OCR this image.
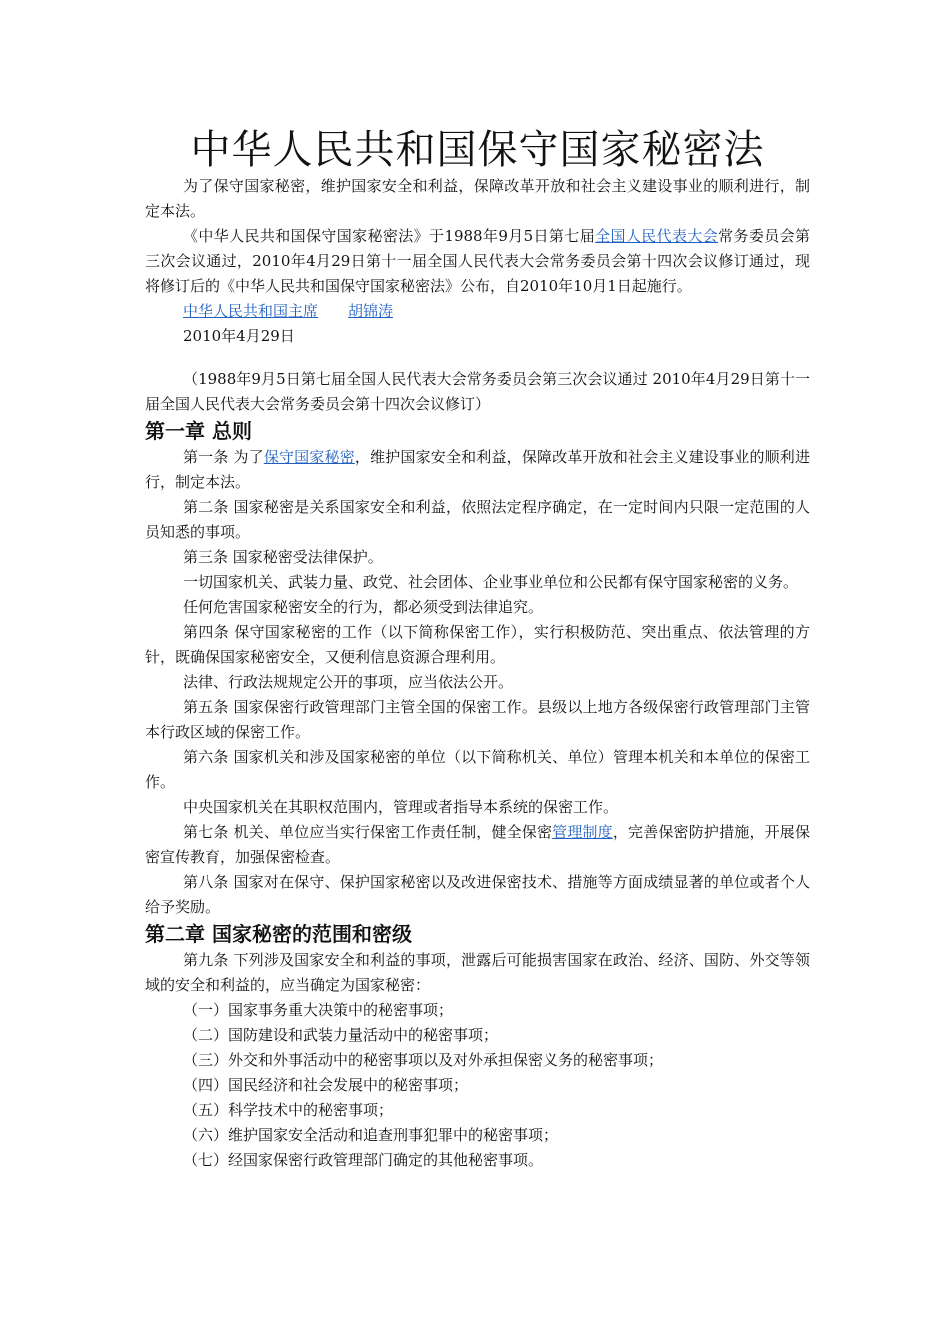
中华人民共和国保守国家秘密法

为了保守国家秘密，维护国家安全和利益，保障改革开放和社会主义建设事业的顺利进行，制定本法。

《中华人民共和国保守国家秘密法》于1988年9月5日第七届全国人民代表大会常务委员会第三次会议通过，2010年4月29日第十一届全国人民代表大会常务委员会第十四次会议修订通过，现将修订后的《中华人民共和国保守国家秘密法》公布，自2010年10月1日起施行。

中华人民共和国主席 胡锦涛

2010年4月29日

（1988年9月5日第七届全国人民代表大会常务委员会第三次会议通过 2010年4月29日第十一届全国人民代表大会常务委员会第十四次会议修订）

第一章 总则

第一条 为了保守国家秘密，维护国家安全和利益，保障改革开放和社会主义建设事业的顺利进行，制定本法。

第二条 国家秘密是关系国家安全和利益，依照法定程序确定，在一定时间内只限一定范围的人员知悉的事项。

第三条 国家秘密受法律保护。

一切国家机关、武装力量、政党、社会团体、企业事业单位和公民都有保守国家秘密的义务。

任何危害国家秘密安全的行为，都必须受到法律追究。

第四条 保守国家秘密的工作（以下简称保密工作），实行积极防范、突出重点、依法管理的方针，既确保国家秘密安全，又便利信息资源合理利用。

法律、行政法规规定公开的事项，应当依法公开。

第五条 国家保密行政管理部门主管全国的保密工作。县级以上地方各级保密行政管理部门主管本行政区域的保密工作。

第六条 国家机关和涉及国家秘密的单位（以下简称机关、单位）管理本机关和本单位的保密工作。

中央国家机关在其职权范围内，管理或者指导本系统的保密工作。

第七条 机关、单位应当实行保密工作责任制，健全保密管理制度，完善保密防护措施，开展保密宣传教育，加强保密检查。

第八条 国家对在保守、保护国家秘密以及改进保密技术、措施等方面成绩显著的单位或者个人给予奖励。

第二章 国家秘密的范围和密级

第九条 下列涉及国家安全和利益的事项，泄露后可能损害国家在政治、经济、国防、外交等领域的安全和利益的，应当确定为国家秘密：

（一）国家事务重大决策中的秘密事项；

（二）国防建设和武装力量活动中的秘密事项；

（三）外交和外事活动中的秘密事项以及对外承担保密义务的秘密事项；

（四）国民经济和社会发展中的秘密事项；

（五）科学技术中的秘密事项；

（六）维护国家安全活动和追查刑事犯罪中的秘密事项；

（七）经国家保密行政管理部门确定的其他秘密事项。
